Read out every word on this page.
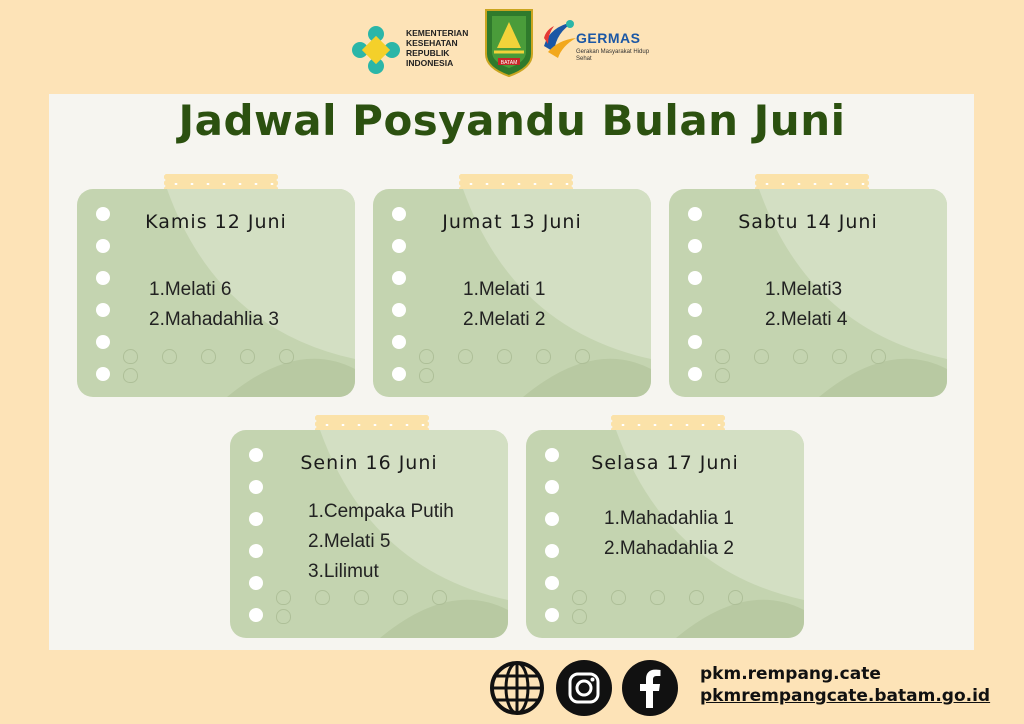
KEMENTERIAN
KESEHATAN
REPUBLIK
INDONESIA	BATAM
GERMAS
Gerakan Masyarakat Hidup Sehat
Jadwal Posyandu Bulan Juni
Kamis 12 Juni
1.Melati 6
2.Mahadahlia 3
Jumat 13 Juni
1.Melati 1
2.Melati 2
Sabtu 14 Juni
1.Melati3
2.Melati 4
Senin 16 Juni
1.Cempaka Putih
2.Melati 5
3.Lilimut
Selasa 17 Juni
1.Mahadahlia 1
2.Mahadahlia 2
pkm.rempang.cate
pkmrempangcate.batam.go.id
